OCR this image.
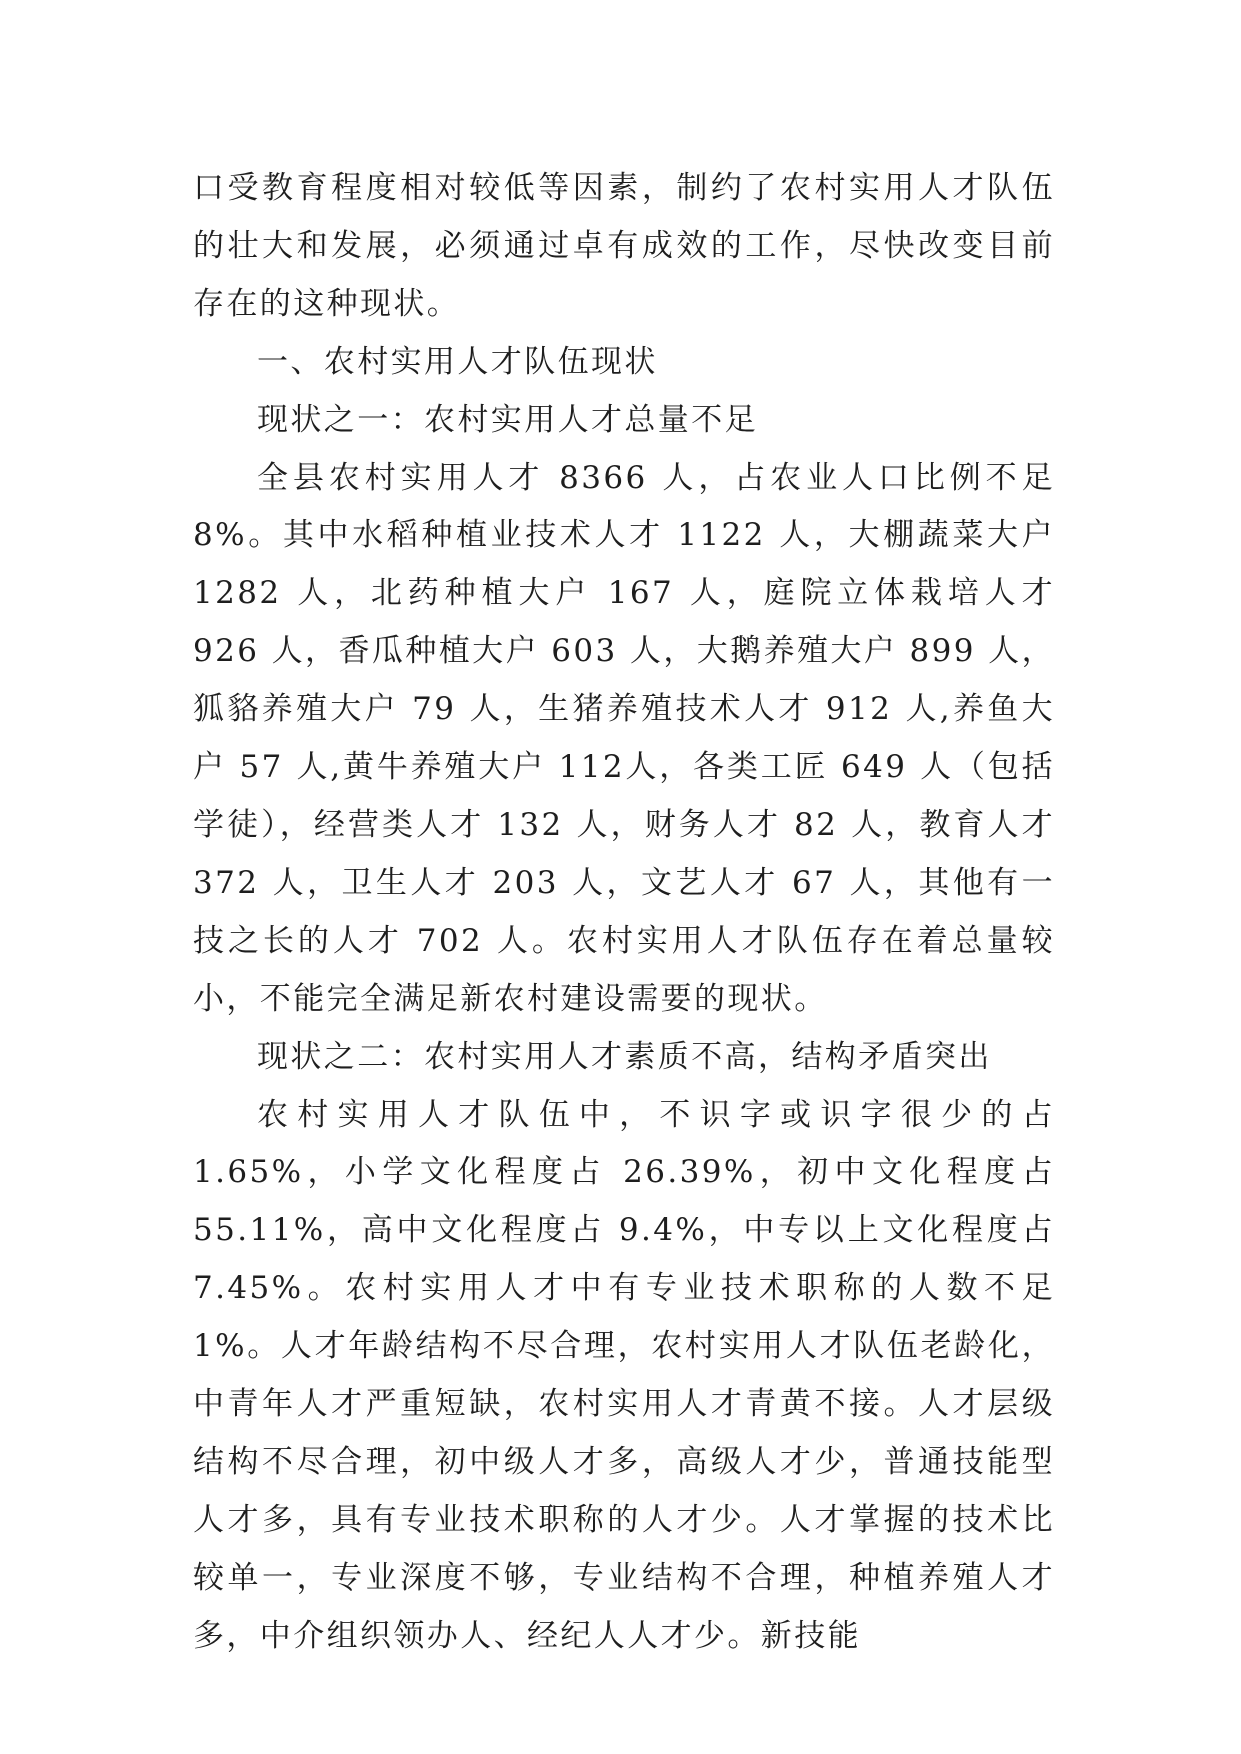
口受教育程度相对较低等因素，制约了农村实用人才队伍的壮大和发展，必须通过卓有成效的工作，尽快改变目前存在的这种现状。

一、农村实用人才队伍现状

现状之一：农村实用人才总量不足

全县农村实用人才 8366 人，占农业人口比例不足 8%。其中水稻种植业技术人才 1122 人，大棚蔬菜大户 1282 人，北药种植大户 167 人，庭院立体栽培人才 926 人，香瓜种植大户 603 人，大鹅养殖大户 899 人，狐貉养殖大户 79 人，生猪养殖技术人才 912 人,养鱼大户 57 人,黄牛养殖大户 112人，各类工匠 649 人（包括学徒），经营类人才 132 人，财务人才 82 人，教育人才 372 人，卫生人才 203 人，文艺人才 67 人，其他有一技之长的人才 702 人。农村实用人才队伍存在着总量较小，不能完全满足新农村建设需要的现状。

现状之二：农村实用人才素质不高，结构矛盾突出

农村实用人才队伍中，不识字或识字很少的占 1.65%，小学文化程度占 26.39%，初中文化程度占 55.11%，高中文化程度占 9.4%，中专以上文化程度占 7.45%。农村实用人才中有专业技术职称的人数不足 1%。人才年龄结构不尽合理，农村实用人才队伍老龄化，中青年人才严重短缺，农村实用人才青黄不接。人才层级结构不尽合理，初中级人才多，高级人才少，普通技能型人才多，具有专业技术职称的人才少。人才掌握的技术比较单一，专业深度不够，专业结构不合理，种植养殖人才多，中介组织领办人、经纪人人才少。新技能
